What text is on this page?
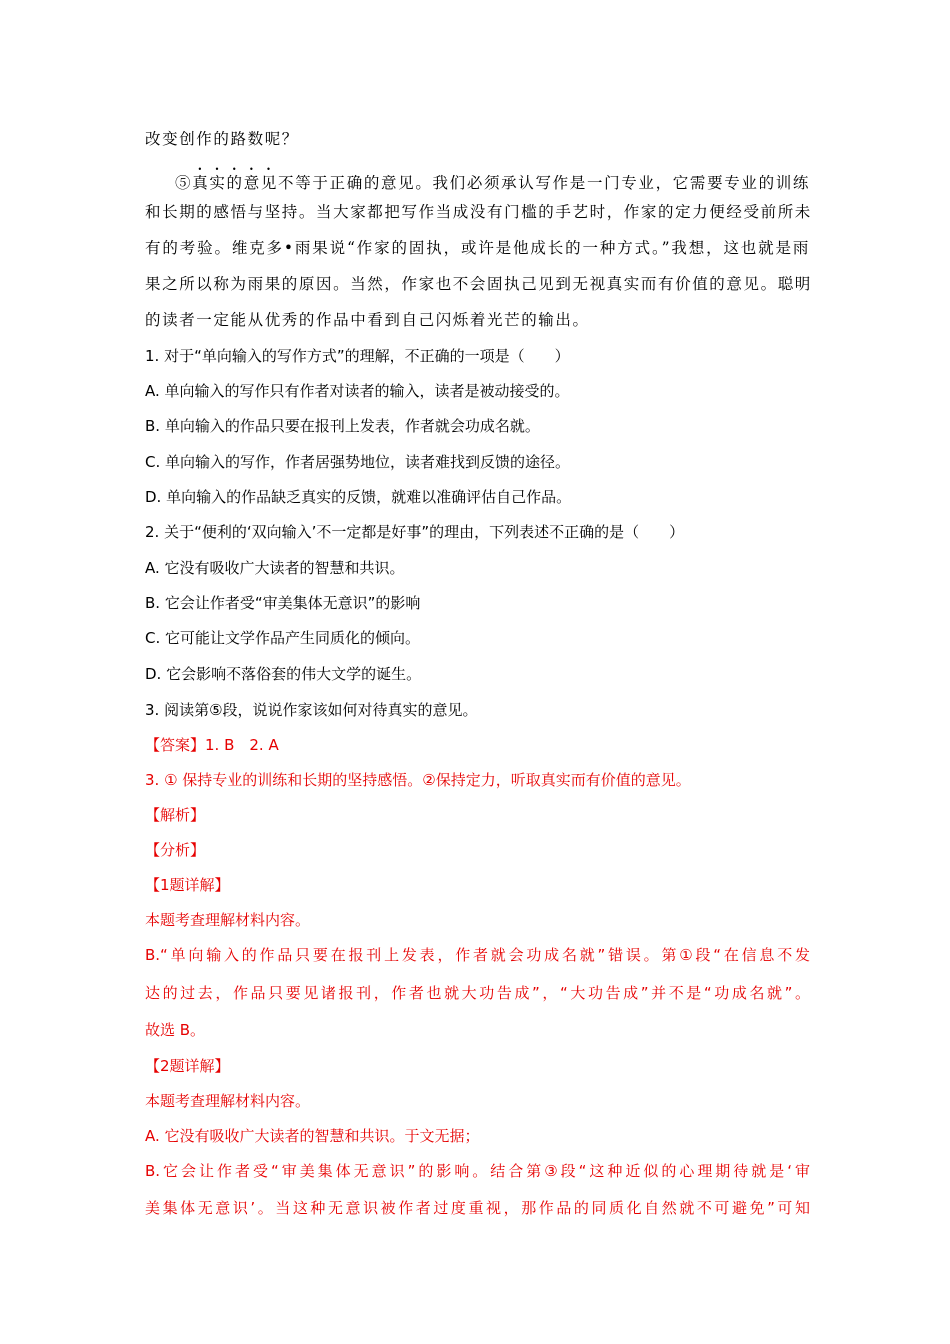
改变创作的路数呢？
⑤真实的意见不等于正确的意见。我们必须承认写作是一门专业，它需要专业的训练
和长期的感悟与坚持。当大家都把写作当成没有门槛的手艺时，作家的定力便经受前所未
有的考验。维克多•雨果说“作家的固执，或许是他成长的一种方式。”我想，这也就是雨
果之所以称为雨果的原因。当然，作家也不会固执己见到无视真实而有价值的意见。聪明
的读者一定能从优秀的作品中看到自己闪烁着光芒的输出。
1. 对于“单向输入的写作方式”的理解，不正确的一项是（　　）
A. 单向输入的写作只有作者对读者的输入，读者是被动接受的。
B. 单向输入的作品只要在报刊上发表，作者就会功成名就。
C. 单向输入的写作，作者居强势地位，读者难找到反馈的途径。
D. 单向输入的作品缺乏真实的反馈，就难以准确评估自己作品。
2. 关于“便利的‘双向输入’不一定都是好事”的理由，下列表述不正确的是（　　）
A. 它没有吸收广大读者的智慧和共识。
B. 它会让作者受“审美集体无意识”的影响
C. 它可能让文学作品产生同质化的倾向。
D. 它会影响不落俗套的伟大文学的诞生。
3. 阅读第⑤段，说说作家该如何对待真实的意见。
【答案】1. B　2. A
3. ① 保持专业的训练和长期的坚持感悟。②保持定力，听取真实而有价值的意见。
【解析】
【分析】
【1题详解】
本题考查理解材料内容。
B.“单向输入的作品只要在报刊上发表，作者就会功成名就”错误。第①段“在信息不发
达的过去，作品只要见诸报刊，作者也就大功告成”，“大功告成”并不是“功成名就”。
故选 B。
【2题详解】
本题考查理解材料内容。
A. 它没有吸收广大读者的智慧和共识。于文无据；
B.它会让作者受“审美集体无意识”的影响。结合第③段“这种近似的心理期待就是‘审
美集体无意识’。当这种无意识被作者过度重视，那作品的同质化自然就不可避免”可知
